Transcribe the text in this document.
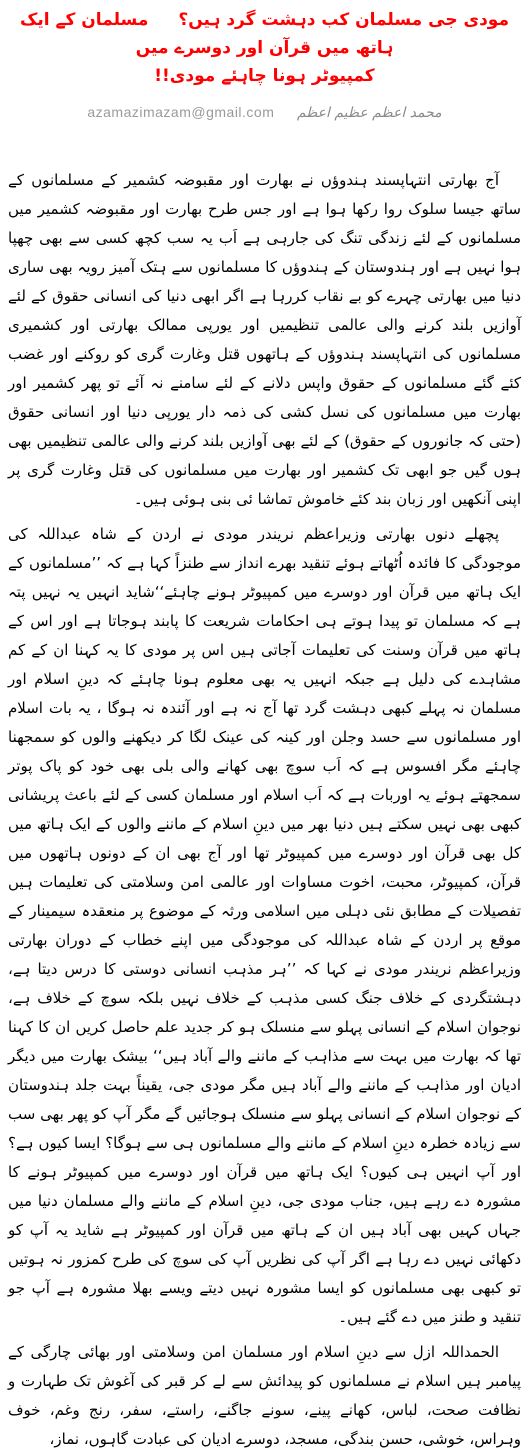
مودی جی مسلمان کب دہشت گرد ہیں؟مسلمان کے ایک ہاتھ میں قرآن اور دوسرے میں
کمپیوٹر ہونا چاہئے مودی!!
azamazimazam@gmail.com محمد اعظم عظیم اعظم

آج بھارتی انتہاپسند ہندوؤں نے بھارت اور مقبوضہ کشمیر کے مسلمانوں کے ساتھ جیسا سلوک روا رکھا ہوا ہے اور جس طرح بھارت اور مقبوضہ کشمیر میں مسلمانوں کے لئے زندگی تنگ کی جارہی ہے اَب یہ سب کچھ کسی سے بھی چھپا ہوا نہیں ہے اور ہندوستان کے ہندوؤں کا مسلمانوں سے ہتک آمیز رویہ بھی ساری دنیا میں بھارتی چہرے کو بے نقاب کررہا ہے اگر ابھی دنیا کی انسانی حقوق کے لئے آوازیں بلند کرنے والی عالمی تنظیمیں اور یورپی ممالک بھارتی اور کشمیری مسلمانوں کی انتہاپسند ہندوؤں کے ہاتھوں قتل وغارت گری کو روکنے اور غضب کئے گئے مسلمانوں کے حقوق واپس دلانے کے لئے سامنے نہ آئے تو پھر کشمیر اور بھارت میں مسلمانوں کی نسل کشی کی ذمہ دار یورپی دنیا اور انسانی حقوق (حتی کہ جانوروں کے حقوق) کے لئے بھی آوازیں بلند کرنے والی عالمی تنظیمیں بھی ہوں گیں جو ابھی تک کشمیر اور بھارت میں مسلمانوں کی قتل وغارت گری پر اپنی آنکھیں اور زبان بند کئے خاموش تماشا ئی بنی ہوئی ہیں۔

پچھلے دنوں بھارتی وزیراعظم نریندر مودی نے اردن کے شاہ عبداللہ کی موجودگی کا فائدہ اُٹھاتے ہوئے تنقید بھرے انداز سے طنزاً کہا ہے کہ ’’مسلمانوں کے ایک ہاتھ میں قرآن اور دوسرے میں کمپیوٹر ہونے چاہئے‘‘شاید انہیں یہ نہیں پتہ ہے کہ مسلمان تو پیدا ہوتے ہی احکامات شریعت کا پابند ہوجاتا ہے اور اس کے ہاتھ میں قرآن وسنت کی تعلیمات آجاتی ہیں اس پر مودی کا یہ کہنا ان کے کم مشاہدے کی دلیل ہے جبکہ انہیں یہ بھی معلوم ہونا چاہئے کہ دینِ اسلام اور مسلمان نہ پہلے کبھی دہشت گرد تھا آج نہ ہے اور آئندہ نہ ہوگا ، یہ بات اسلام اور مسلمانوں سے حسد وجلن اور کینہ کی عینک لگا کر دیکھنے والوں کو سمجھنا چاہئے مگر افسوس ہے کہ اَب سوچ بھی کھانے والی بلی بھی خود کو پاک پوتر سمجھتے ہوئے یہ اوربات ہے کہ اَب اسلام اور مسلمان کسی کے لئے باعث پریشانی کبھی بھی نہیں سکتے ہیں دنیا بھر میں دینِ اسلام کے ماننے والوں کے ایک ہاتھ میں کل بھی قرآن اور دوسرے میں کمپیوٹر تھا اور آج بھی ان کے دونوں ہاتھوں میں قرآن، کمپیوٹر، محبت، اخوت مساوات اور عالمی امن وسلامتی کی تعلیمات ہیں تفصیلات کے مطابق نئی دہلی میں اسلامی ورثہ کے موضوع پر منعقدہ سیمینار کے موقع پر اردن کے شاہ عبداللہ کی موجودگی میں اپنے خطاب کے دوران بھارتی وزیراعظم نریندر مودی نے کہا کہ ’’ہر مذہب انسانی دوستی کا درس دیتا ہے، دہشتگردی کے خلاف جنگ کسی مذہب کے خلاف نہیں بلکہ سوچ کے خلاف ہے، نوجوان اسلام کے انسانی پہلو سے منسلک ہو کر جدید علم حاصل کریں ان کا کہنا تھا کہ بھارت میں بہت سے مذاہب کے ماننے والے آباد ہیں‘‘ بیشک بھارت میں دیگر ادیان اور مذاہب کے ماننے والے آباد ہیں مگر مودی جی، یقیناً بہت جلد ہندوستان کے نوجوان اسلام کے انسانی پہلو سے منسلک ہوجائیں گے مگر آپ کو پھر بھی سب سے زیادہ خطرہ دینِ اسلام کے ماننے والے مسلمانوں ہی سے ہوگا؟ ایسا کیوں ہے؟ اور آپ انہیں ہی کیوں؟ ایک ہاتھ میں قرآن اور دوسرے میں کمپیوٹر ہونے کا مشورہ دے رہے ہیں، جناب مودی جی، دینِ اسلام کے ماننے والے مسلمان دنیا میں جہاں کہیں بھی آباد ہیں ان کے ہاتھ میں قرآن اور کمپیوٹر ہے شاید یہ آپ کو دکھائی نہیں دے رہا ہے اگر آپ کی نظریں آپ کی سوچ کی طرح کمزور نہ ہوتیں تو کبھی بھی مسلمانوں کو ایسا مشورہ نہیں دیتے ویسے بھلا مشورہ ہے آپ جو تنقید و طنز میں دے گئے ہیں۔

الحمداللہ ازل سے دینِ اسلام اور مسلمان امن وسلامتی اور بھائی چارگی کے پیامبر ہیں اسلام نے مسلمانوں کو پیدائش سے لے کر قبر کی آغوش تک طہارت و نظافت صحت، لباس، کھانے پینے، سونے جاگنے، راستے، سفر، رنج وغم، خوف وہراس، خوشی، حسن بندگی، مسجد، دوسرے ادیان کی عبادت گاہوں، نماز،
